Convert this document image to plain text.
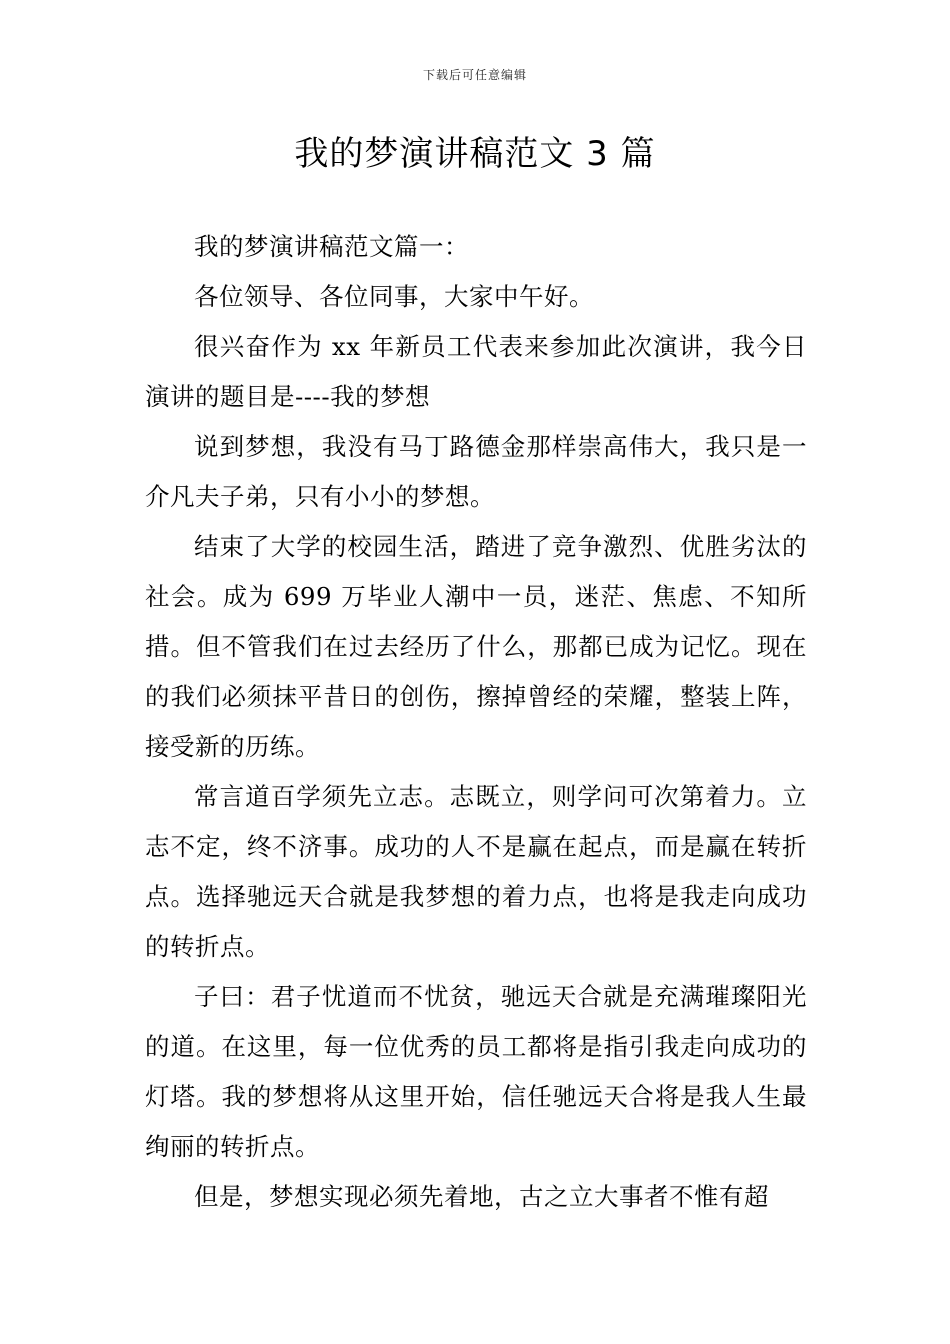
下载后可任意编辑
我的梦演讲稿范文 3 篇

我的梦演讲稿范文篇一：

各位领导、各位同事，大家中午好。

很兴奋作为 xx 年新员工代表来参加此次演讲，我今日演讲的题目是----我的梦想

说到梦想，我没有马丁路德金那样崇高伟大，我只是一介凡夫子弟，只有小小的梦想。

结束了大学的校园生活，踏进了竞争激烈、优胜劣汰的社会。成为 699 万毕业人潮中一员，迷茫、焦虑、不知所措。但不管我们在过去经历了什么，那都已成为记忆。现在的我们必须抹平昔日的创伤，擦掉曾经的荣耀，整装上阵，接受新的历练。

常言道百学须先立志。志既立，则学问可次第着力。立志不定，终不济事。成功的人不是赢在起点，而是赢在转折点。选择驰远天合就是我梦想的着力点，也将是我走向成功的转折点。

子曰：君子忧道而不忧贫，驰远天合就是充满璀璨阳光的道。在这里，每一位优秀的员工都将是指引我走向成功的灯塔。我的梦想将从这里开始，信任驰远天合将是我人生最绚丽的转折点。

但是，梦想实现必须先着地，古之立大事者不惟有超
